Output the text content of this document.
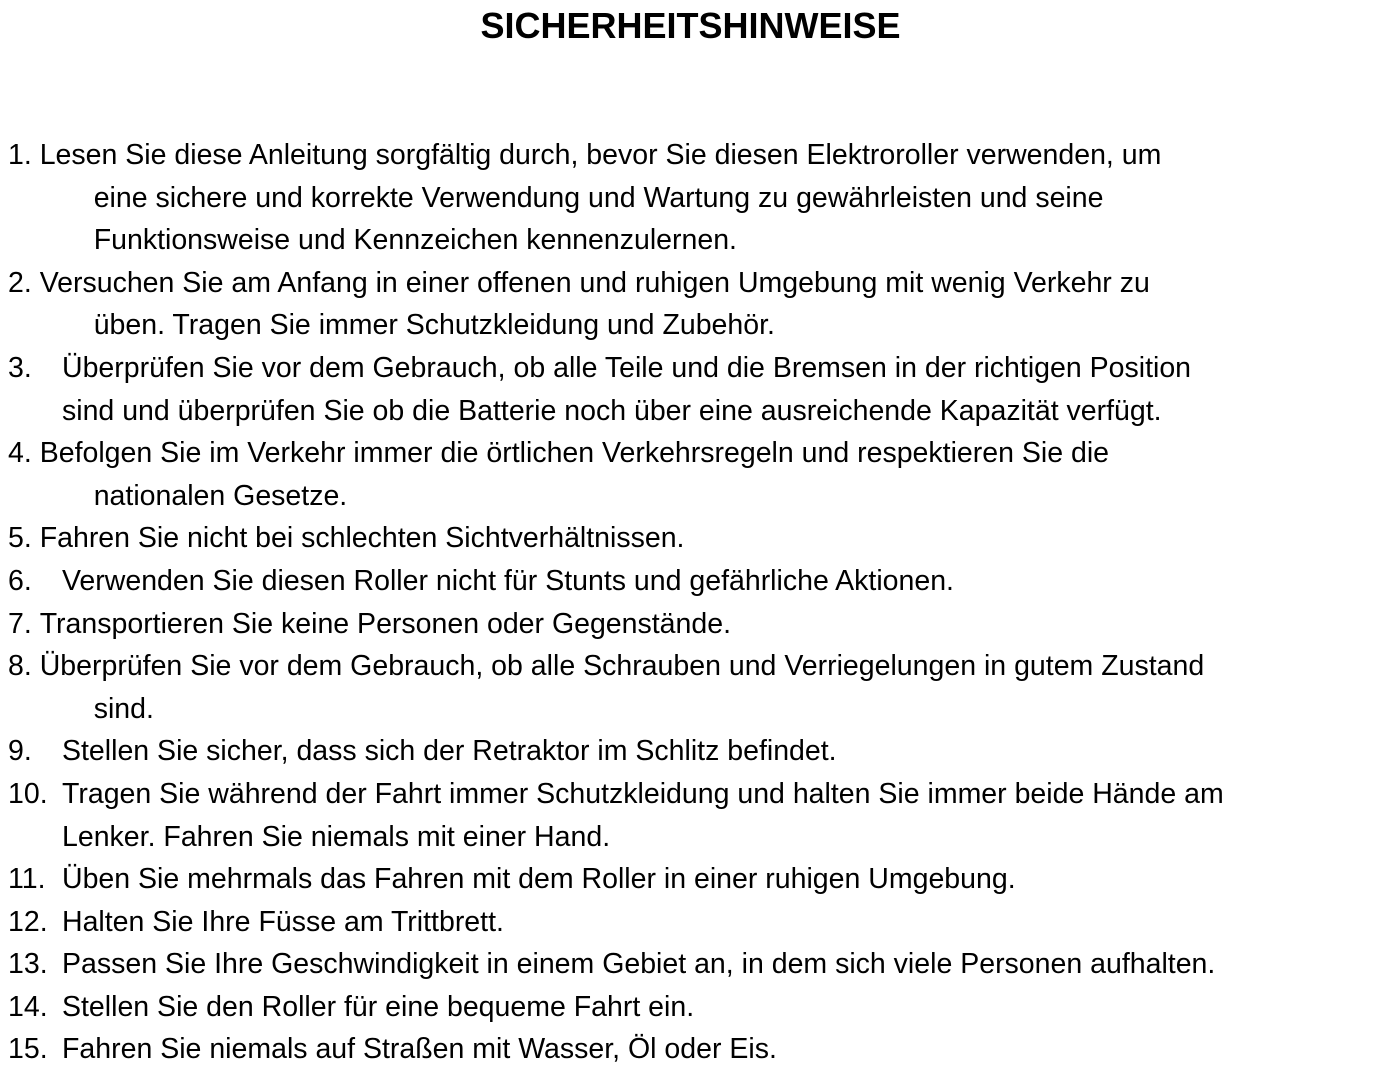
SICHERHEITSHINWEISE
1.
Lesen Sie diese Anleitung sorgfältig durch, bevor Sie diesen Elektroroller verwenden, um
eine sichere und korrekte Verwendung und Wartung zu gewährleisten und seine
Funktionsweise und Kennzeichen kennenzulernen.
2.
Versuchen Sie am Anfang in einer offenen und ruhigen Umgebung mit wenig Verkehr zu
üben. Tragen Sie immer Schutzkleidung und Zubehör.
3.	Überprüfen Sie vor dem Gebrauch, ob alle Teile und die Bremsen in der richtigen Position
sind und überprüfen Sie ob die Batterie noch über eine ausreichende Kapazität verfügt.
4.
Befolgen Sie im Verkehr immer die örtlichen Verkehrsregeln und respektieren Sie die
nationalen Gesetze.
5.
Fahren Sie nicht bei schlechten Sichtverhältnissen.
6.	Verwenden Sie diesen Roller nicht für Stunts und gefährliche Aktionen.
7.
Transportieren Sie keine Personen oder Gegenstände.
8.
Überprüfen Sie vor dem Gebrauch, ob alle Schrauben und Verriegelungen in gutem Zustand
sind.
9.	Stellen Sie sicher, dass sich der Retraktor im Schlitz befindet.
10. Tragen Sie während der Fahrt immer Schutzkleidung und halten Sie immer beide Hände am
Lenker. Fahren Sie niemals mit einer Hand.
11. Üben Sie mehrmals das Fahren mit dem Roller in einer ruhigen Umgebung.
12. Halten Sie Ihre Füsse am Trittbrett.
13. Passen Sie Ihre Geschwindigkeit in einem Gebiet an, in dem sich viele Personen aufhalten.
14. Stellen Sie den Roller für eine bequeme Fahrt ein.
15. Fahren Sie niemals auf Straßen mit Wasser, Öl oder Eis.
